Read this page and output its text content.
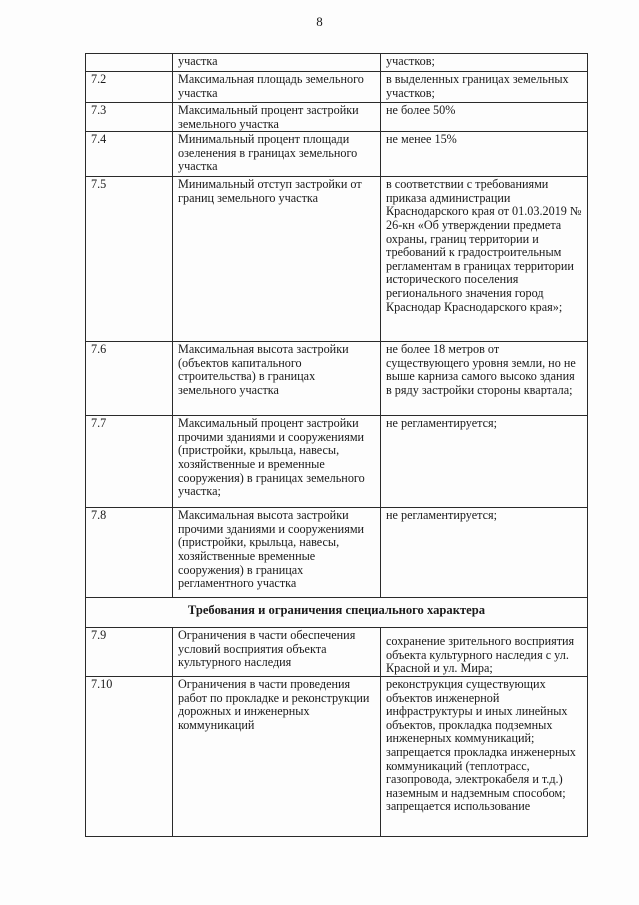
8
	участка	участков;
7.2	Максимальная площадь земельного участка	в выделенных границах земельных участков;
7.3	Максимальный процент застройки земельного участка	не более 50%
7.4	Минимальный процент площади озеленения в границах земельного участка	не менее 15%
7.5	Минимальный отступ застройки от границ земельного участка	в соответствии с требованиями приказа администрации Краснодарского края от 01.03.2019 № 26-кн «Об утверждении предмета охраны, границ территории и требований к градостроительным регламентам в границах территории исторического поселения регионального значения город Краснодар Краснодарского края»;
7.6	Максимальная высота застройки (объектов капитального строительства) в границах земельного участка	не более 18 метров от существующего уровня земли, но не выше карниза самого высоко здания в ряду застройки стороны квартала;
7.7	Максимальный процент застройки прочими зданиями и сооружениями (пристройки, крыльца, навесы, хозяйственные и временные сооружения) в границах земельного участка;	не регламентируется;
7.8	Максимальная высота застройки прочими зданиями и сооружениями (пристройки, крыльца, навесы, хозяйственные временные сооружения) в границах регламентного участка	не регламентируется;
Требования и ограничения специального характера		
7.9	Ограничения в части обеспечения условий восприятия объекта культурного наследия	сохранение зрительного восприятия объекта культурного наследия с ул. Красной и ул. Мира;
7.10	Ограничения в части проведения работ по прокладке и реконструкции дорожных и инженерных коммуникаций	реконструкция существующих объектов инженерной инфраструктуры и иных линейных объектов, прокладка подземных инженерных коммуникаций; запрещается прокладка инженерных коммуникаций (теплотрасс, газопровода, электрокабеля и т.д.) наземным и надземным способом; запрещается использование
